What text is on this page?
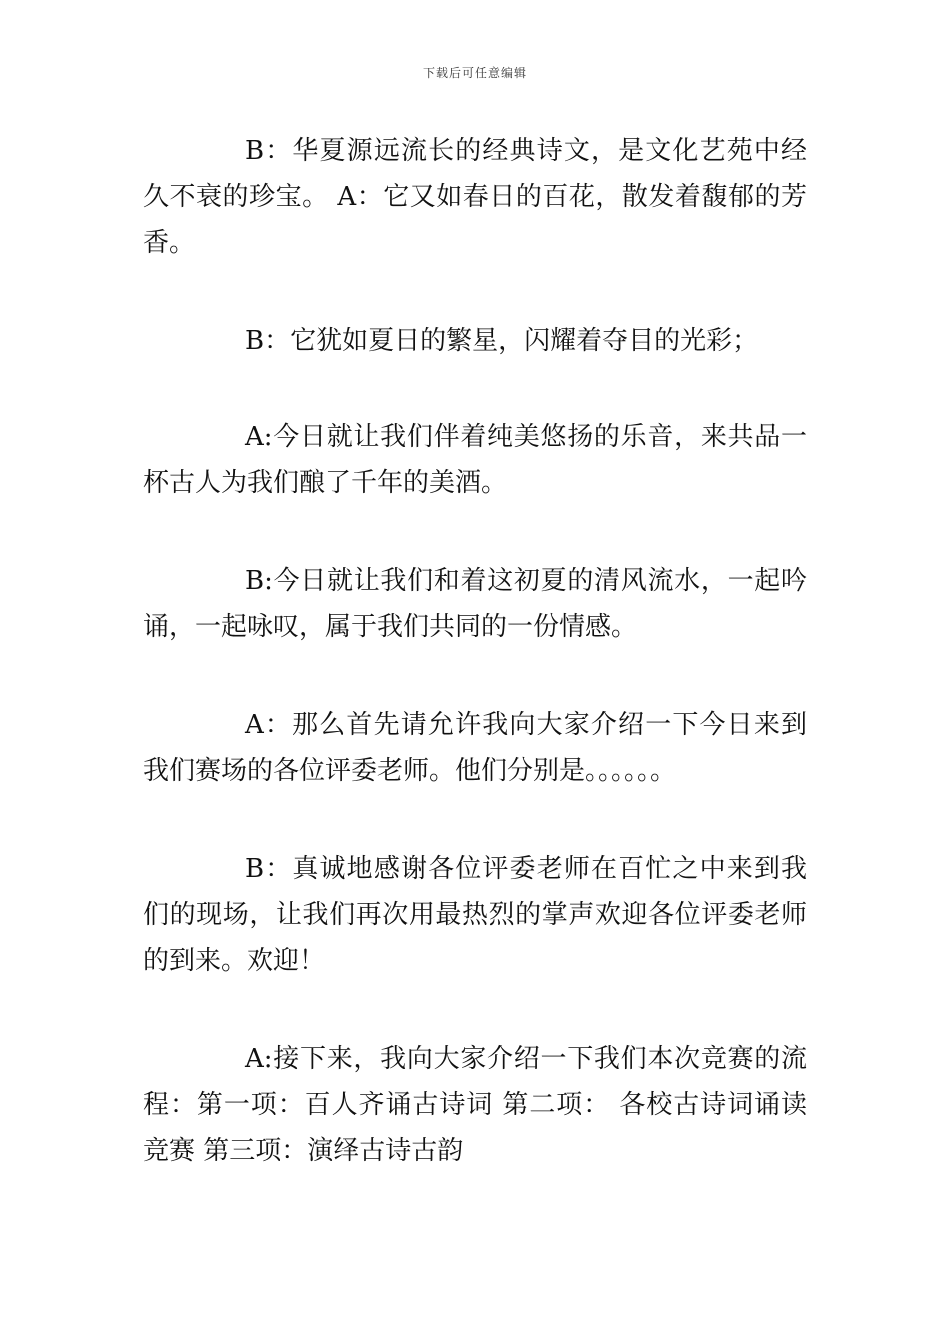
下载后可任意编辑

B：华夏源远流长的经典诗文，是文化艺苑中经久不衰的珍宝。 A：它又如春日的百花，散发着馥郁的芳香。

B：它犹如夏日的繁星，闪耀着夺目的光彩；

A:今日就让我们伴着纯美悠扬的乐音，来共品一杯古人为我们酿了千年的美酒。

B:今日就让我们和着这初夏的清风流水，一起吟诵，一起咏叹，属于我们共同的一份情感。

A：那么首先请允许我向大家介绍一下今日来到我们赛场的各位评委老师。他们分别是。。。。。。

B：真诚地感谢各位评委老师在百忙之中来到我们的现场，让我们再次用最热烈的掌声欢迎各位评委老师的到来。欢迎！

A:接下来，我向大家介绍一下我们本次竞赛的流程：第一项：百人齐诵古诗词 第二项： 各校古诗词诵读竞赛 第三项：演绎古诗古韵
